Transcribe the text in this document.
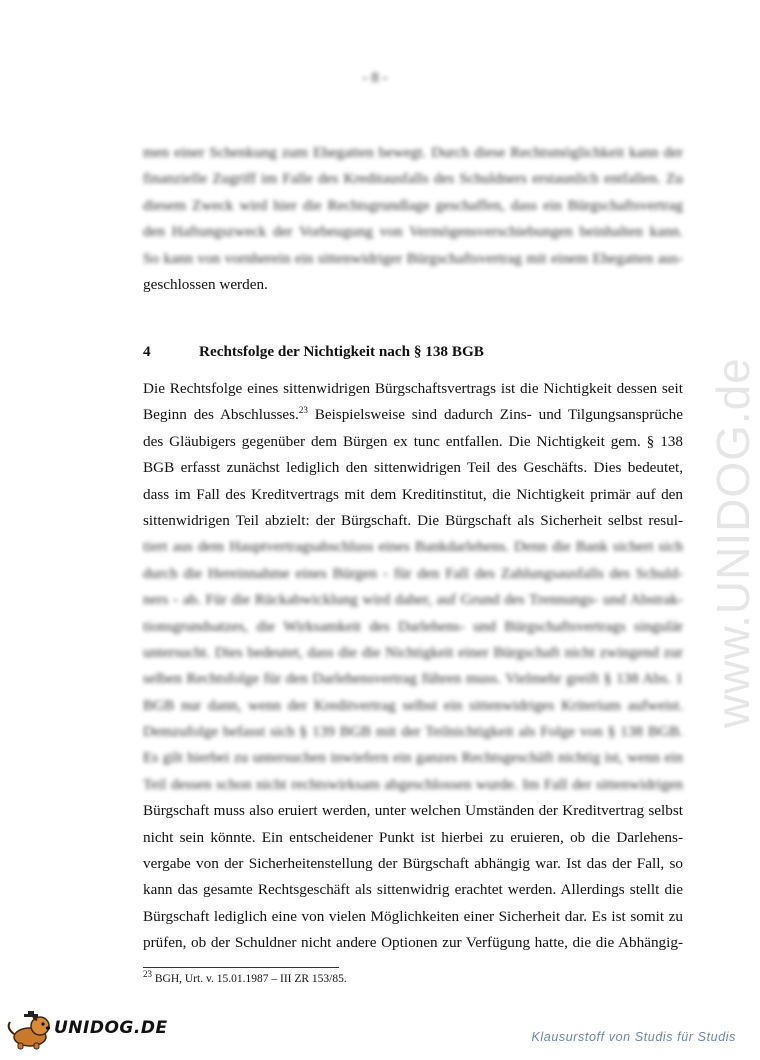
- 8 -
www.UNIDOG.de
men einer Schenkung zum Ehegatten bewegt. Durch diese Rechtsmöglichkeit kann der
finanzielle Zugriff im Falle des Kreditausfalls des Schuldners erstaunlich entfallen. Zu
diesem Zweck wird hier die Rechtsgrundlage geschaffen, dass ein Bürgschaftsvertrag
den Haftungszweck der Vorbeugung von Vermögensverschiebungen beinhalten kann.
So kann von vornherein ein sittenwidriger Bürgschaftsvertrag mit einem Ehegatten aus-
geschlossen werden.
4	Rechtsfolge der Nichtigkeit nach § 138 BGB
Die Rechtsfolge eines sittenwidrigen Bürgschaftsvertrags ist die Nichtigkeit dessen seit
Beginn des Abschlusses.$^{23}$ Beispielsweise sind dadurch Zins- und Tilgungsansprüche
des Gläubigers gegenüber dem Bürgen ex tunc entfallen. Die Nichtigkeit gem. § 138
BGB erfasst zunächst lediglich den sittenwidrigen Teil des Geschäfts. Dies bedeutet,
dass im Fall des Kreditvertrags mit dem Kreditinstitut, die Nichtigkeit primär auf den
sittenwidrigen Teil abzielt: der Bürgschaft. Die Bürgschaft als Sicherheit selbst resul-
tiert aus dem Hauptvertragsabschluss eines Bankdarlehens. Denn die Bank sichert sich
durch die Hereinnahme eines Bürgen - für den Fall des Zahlungsausfalls des Schuld-
ners - ab. Für die Rückabwicklung wird daher, auf Grund des Trennungs- und Abstrak-
tionsgrundsatzes, die Wirksamkeit des Darlehens- und Bürgschaftsvertrags singulär
untersucht. Dies bedeutet, dass die die Nichtigkeit einer Bürgschaft nicht zwingend zur
selben Rechtsfolge für den Darlehensvertrag führen muss. Vielmehr greift § 138 Abs. 1
BGB nur dann, wenn der Kreditvertrag selbst ein sittenwidriges Kriterium aufweist.
Demzufolge befasst sich § 139 BGB mit der Teilnichtigkeit als Folge von § 138 BGB.
Es gilt hierbei zu untersuchen inwiefern ein ganzes Rechtsgeschäft nichtig ist, wenn ein
Teil dessen schon nicht rechtswirksam abgeschlossen wurde. Im Fall der sittenwidrigen
Bürgschaft muss also eruiert werden, unter welchen Umständen der Kreditvertrag selbst
nicht sein könnte. Ein entscheidener Punkt ist hierbei zu eruieren, ob die Darlehens-
vergabe von der Sicherheitenstellung der Bürgschaft abhängig war. Ist das der Fall, so
kann das gesamte Rechtsgeschäft als sittenwidrig erachtet werden. Allerdings stellt die
Bürgschaft lediglich eine von vielen Möglichkeiten einer Sicherheit dar. Es ist somit zu
prüfen, ob der Schuldner nicht andere Optionen zur Verfügung hatte, die die Abhängig-
$^{23}$ BGH, Urt. v. 15.01.1987 – III ZR 153/85.
UNIDOG.DE	Klausurstoff von Studis für Studis
